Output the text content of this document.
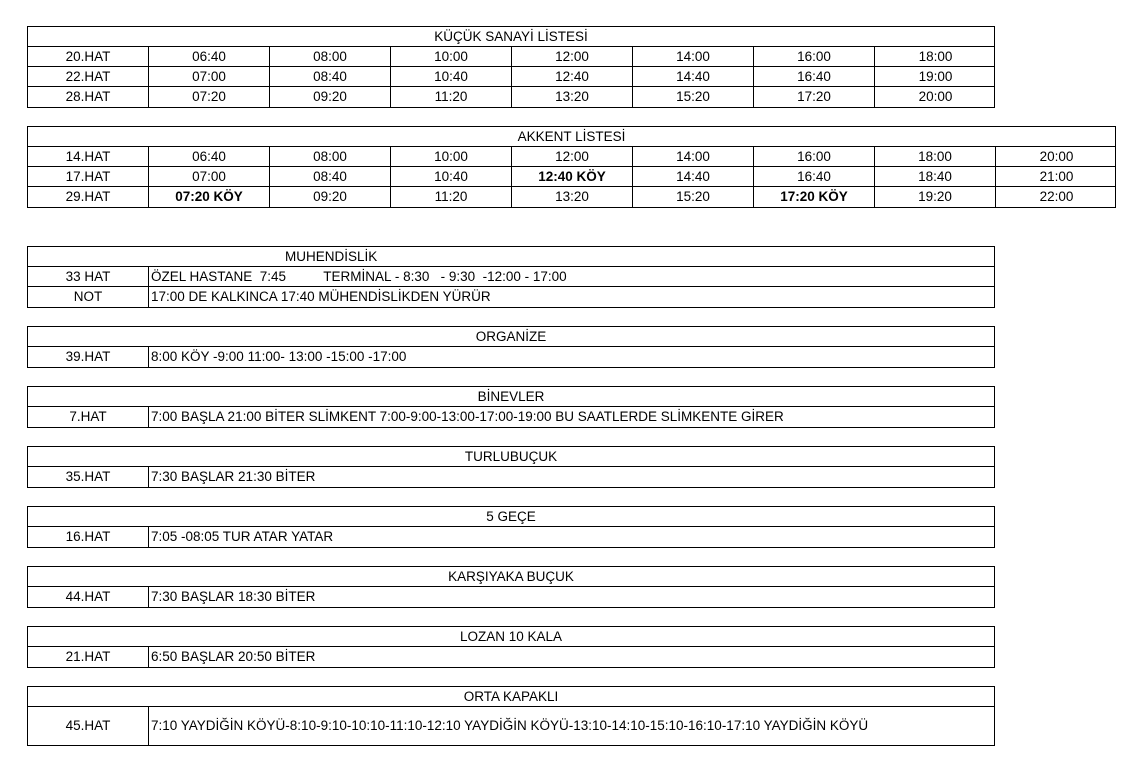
KÜÇÜK SANAYİ LİSTESİ
20.HAT	06:40	08:00	10:00	12:00	14:00	16:00	18:00
22.HAT	07:00	08:40	10:40	12:40	14:40	16:40	19:00
28.HAT	07:20	09:20	11:20	13:20	15:20	17:20	20:00
AKKENT LİSTESİ
14.HAT	06:40	08:00	10:00	12:00	14:00	16:00	18:00	20:00
17.HAT	07:00	08:40	10:40	12:40 KÖY	14:40	16:40	18:40	21:00
29.HAT	07:20 KÖY	09:20	11:20	13:20	15:20	17:20 KÖY	19:20	22:00
MUHENDİSLİK
33 HAT	ÖZEL HASTANE  7:45          TERMİNAL - 8:30   - 9:30  -12:00 - 17:00
NOT	17:00 DE KALKINCA 17:40 MÜHENDİSLİKDEN YÜRÜR
ORGANİZE
39.HAT	8:00 KÖY -9:00 11:00- 13:00 -15:00 -17:00
BİNEVLER
7.HAT	7:00 BAŞLA 21:00 BİTER SLİMKENT 7:00-9:00-13:00-17:00-19:00 BU SAATLERDE SLİMKENTE GİRER
TURLUBUÇUK
35.HAT	7:30 BAŞLAR 21:30 BİTER
5 GEÇE
16.HAT	7:05 -08:05 TUR ATAR YATAR
KARŞIYAKA BUÇUK
44.HAT	7:30 BAŞLAR 18:30 BİTER
LOZAN 10 KALA
21.HAT	6:50 BAŞLAR 20:50 BİTER
ORTA KAPAKLI
45.HAT	7:10 YAYDİĞİN KÖYÜ-8:10-9:10-10:10-11:10-12:10 YAYDİĞİN KÖYÜ-13:10-14:10-15:10-16:10-17:10 YAYDİĞİN KÖYÜ
